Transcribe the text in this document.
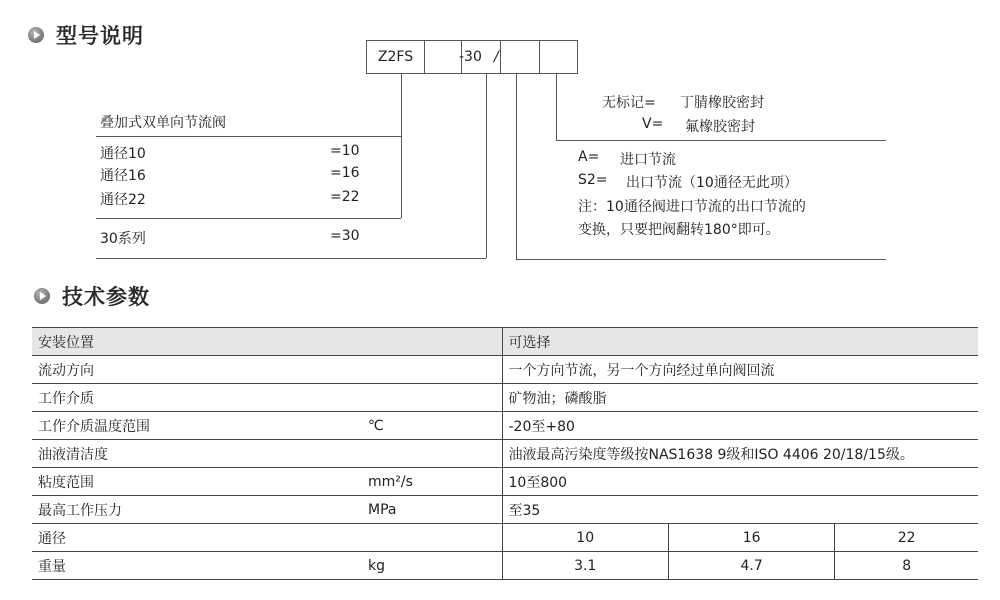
型号说明
Z2FS	-30 /
叠加式双单向节流阀
通径10	=10
通径16	=16
通径22	=22
30系列	=30
无标记= 丁腈橡胶密封
V= 氟橡胶密封
A= 进口节流
S2= 出口节流（10通径无此项）
注：10通径阀进口节流的出口节流的
变换，只要把阀翻转180°即可。
技术参数
安装位置		可选择		
流动方向		一个方向节流，另一个方向经过单向阀回流		
工作介质		矿物油；磷酸脂		
工作介质温度范围	℃	-20至+80		
油液清洁度		油液最高污染度等级按NAS1638 9级和ISO 4406 20/18/15级。		
粘度范围	mm²/s	10至800		
最高工作压力	MPa	至35		
通径		10	16	22
重量	kg	3.1	4.7	8
